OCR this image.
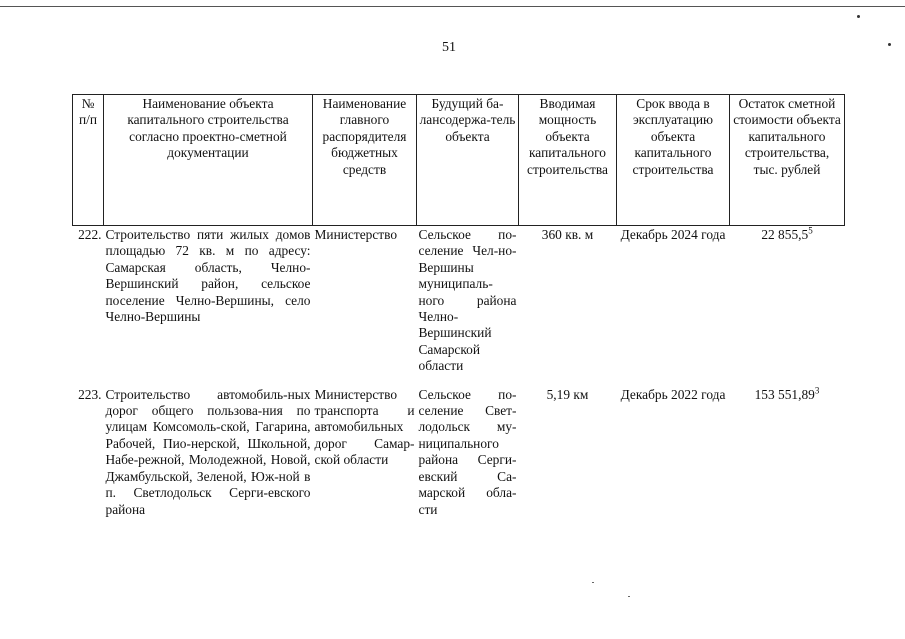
51
№ п/п	Наименование объекта капитального строительства согласно проектно-сметной документации	Наименование главного распорядителя бюджетных средств	Будущий ба-лансодержа-тель объекта	Вводимая мощность объекта капитального строительства	Срок ввода в эксплуатацию объекта капитального строительства	Остаток сметной стоимости объекта капитального строительства, тыс. рублей
222.	Строительство пяти жилых домов площадью 72 кв. м по адресу: Самарская область, Челно-Вершинский район, сельское поселение Челно-Вершины, село Челно-Вершины	Министерство	Сельское по-селение Чел-но-Вершины муниципаль-ного района Челно-Вершинский Самарской области	360 кв. м	Декабрь 2024 года	22 855,5$^5$
223.	Строительство автомобиль-ных дорог общего пользова-ния по улицам Комсомоль-ской, Гагарина, Рабочей, Пио-нерской, Школьной, Набе-режной, Молодежной, Новой, Джамбульской, Зеленой, Юж-ной в п. Светлодольск Серги-евского района	Министерство транспорта и автомобильных дорог Самар-ской области	Сельское по-селение Свет-лодольск му-ниципального района Серги-евский Са-марской обла-сти	5,19 км	Декабрь 2022 года	153 551,89$^3$
